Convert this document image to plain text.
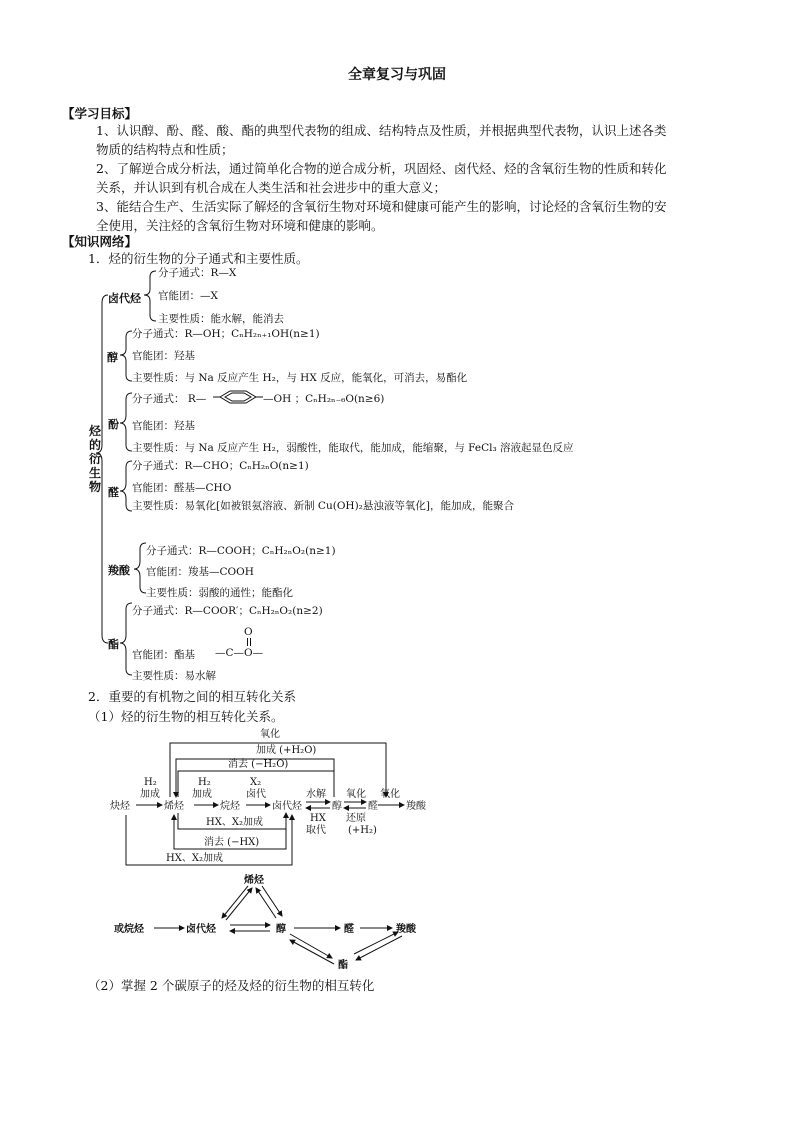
全章复习与巩固
【学习目标】
1、认识醇、酚、醛、酸、酯的典型代表物的组成、结构特点及性质，并根据典型代表物，认识上述各类
物质的结构特点和性质；
2、了解逆合成分析法，通过简单化合物的逆合成分析，巩固烃、卤代烃、烃的含氧衍生物的性质和转化
关系，并认识到有机合成在人类生活和社会进步中的重大意义；
3、能结合生产、生活实际了解烃的含氧衍生物对环境和健康可能产生的影响，讨论烃的含氧衍生物的安
全使用，关注烃的含氧衍生物对环境和健康的影响。
【知识网络】
1．烃的衍生物的分子通式和主要性质。
烃的衍生物
卤代烃
醇
酚
醛
羧酸
酯
分子通式：R—X
官能团：—X
主要性质：能水解，能消去
分子通式：R—OH；CₙH₂ₙ₊₁OH(n≥1)
官能团：羟基
主要性质：与 Na 反应产生 H₂，与 HX 反应，能氧化，可消去，易酯化
分子通式： R—	—OH ；CₙH₂ₙ₋₆O(n≥6)
官能团：羟基
主要性质：与 Na 反应产生 H₂，弱酸性，能取代，能加成，能缩聚，与 FeCl₃ 溶液起显色反应
分子通式：R—CHO；CₙH₂ₙO(n≥1)
官能团：醛基—CHO
主要性质：易氧化[如被银氨溶液、新制 Cu(OH)₂悬浊液等氧化]，能加成，能聚合
分子通式：R—COOH；CₙH₂ₙO₂(n≥1)
官能团：羧基—COOH
主要性质：弱酸的通性；能酯化
分子通式：R—COOR′；CₙH₂ₙO₂(n≥2)
官能团：酯基
O
—C—O—
主要性质：易水解
2．重要的有机物之间的相互转化关系
（1）烃的衍生物的相互转化关系。
炔烃	烯烃	烷烃	卤代烃	醇	醛	羧酸
H₂
加成
H₂
加成
X₂
卤代
消去 (−H₂O)
加成 (+H₂O)
氧化
HX、X₂加成
消去 (−HX)
HX、X₂加成
水解
HX
取代
氧化
还原
(+H₂)
氧化
烯烃
或烷烃	卤代烃	醇	醛	羧酸
酯
（2）掌握 2 个碳原子的烃及烃的衍生物的相互转化
